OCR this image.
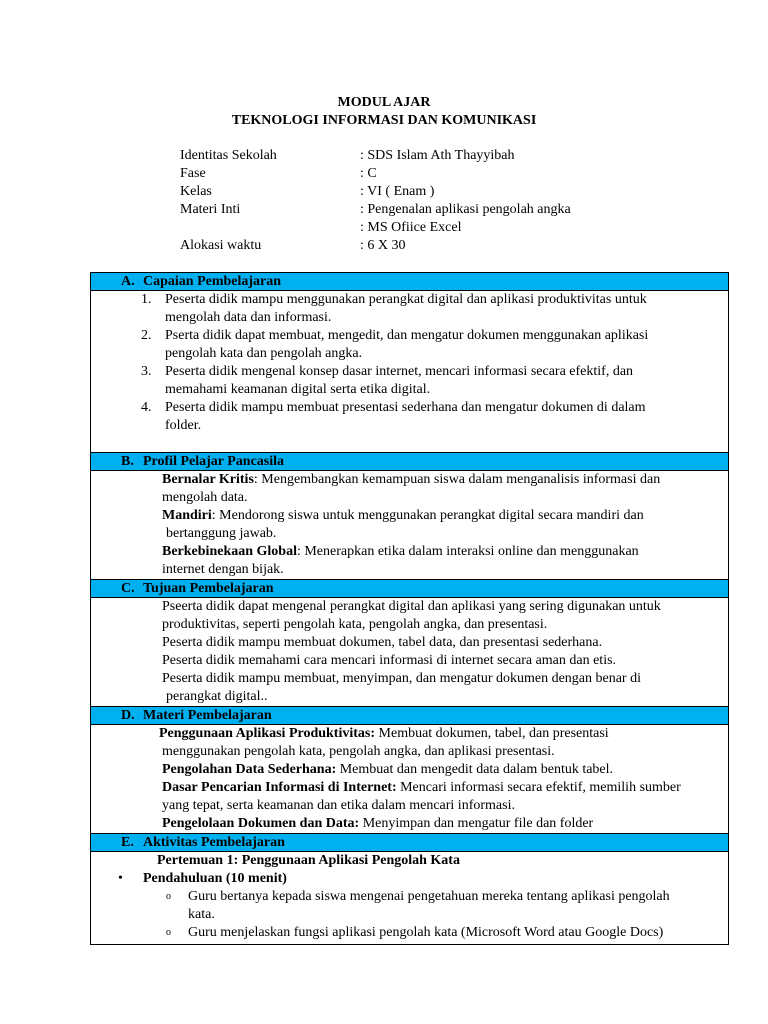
MODUL AJAR
TEKNOLOGI INFORMASI DAN KOMUNIKASI
Identitas Sekolah	: SDS Islam Ath Thayyibah
Fase	: C
Kelas	: VI ( Enam )
Materi Inti	: Pengenalan aplikasi pengolah angka
: MS Ofiice Excel
Alokasi waktu	: 6 X 30
A. Capaian Pembelajaran
1. Peserta didik mampu menggunakan perangkat digital dan aplikasi produktivitas untuk
mengolah data dan informasi.
2. Pserta didik dapat membuat, mengedit, dan mengatur dokumen menggunakan aplikasi
pengolah kata dan pengolah angka.
3. Peserta didik mengenal konsep dasar internet, mencari informasi secara efektif, dan
memahami keamanan digital serta etika digital.
4. Peserta didik mampu membuat presentasi sederhana dan mengatur dokumen di dalam
folder.
B. Profil Pelajar Pancasila
Bernalar Kritis: Mengembangkan kemampuan siswa dalam menganalisis informasi dan
mengolah data.
Mandiri: Mendorong siswa untuk menggunakan perangkat digital secara mandiri dan
bertanggung jawab.
Berkebinekaan Global: Menerapkan etika dalam interaksi online dan menggunakan
internet dengan bijak.
C. Tujuan Pembelajaran
Pseerta didik dapat mengenal perangkat digital dan aplikasi yang sering digunakan untuk
produktivitas, seperti pengolah kata, pengolah angka, dan presentasi.
Peserta didik mampu membuat dokumen, tabel data, dan presentasi sederhana.
Peserta didik memahami cara mencari informasi di internet secara aman dan etis.
Peserta didik mampu membuat, menyimpan, dan mengatur dokumen dengan benar di
perangkat digital..
D. Materi Pembelajaran
Penggunaan Aplikasi Produktivitas: Membuat dokumen, tabel, dan presentasi
menggunakan pengolah kata, pengolah angka, dan aplikasi presentasi.
Pengolahan Data Sederhana: Membuat dan mengedit data dalam bentuk tabel.
Dasar Pencarian Informasi di Internet: Mencari informasi secara efektif, memilih sumber
yang tepat, serta keamanan dan etika dalam mencari informasi.
Pengelolaan Dokumen dan Data: Menyimpan dan mengatur file dan folder
E. Aktivitas Pembelajaran
Pertemuan 1: Penggunaan Aplikasi Pengolah Kata
•	Pendahuluan (10 menit)
o	Guru bertanya kepada siswa mengenai pengetahuan mereka tentang aplikasi pengolah
kata.
o	Guru menjelaskan fungsi aplikasi pengolah kata (Microsoft Word atau Google Docs)
